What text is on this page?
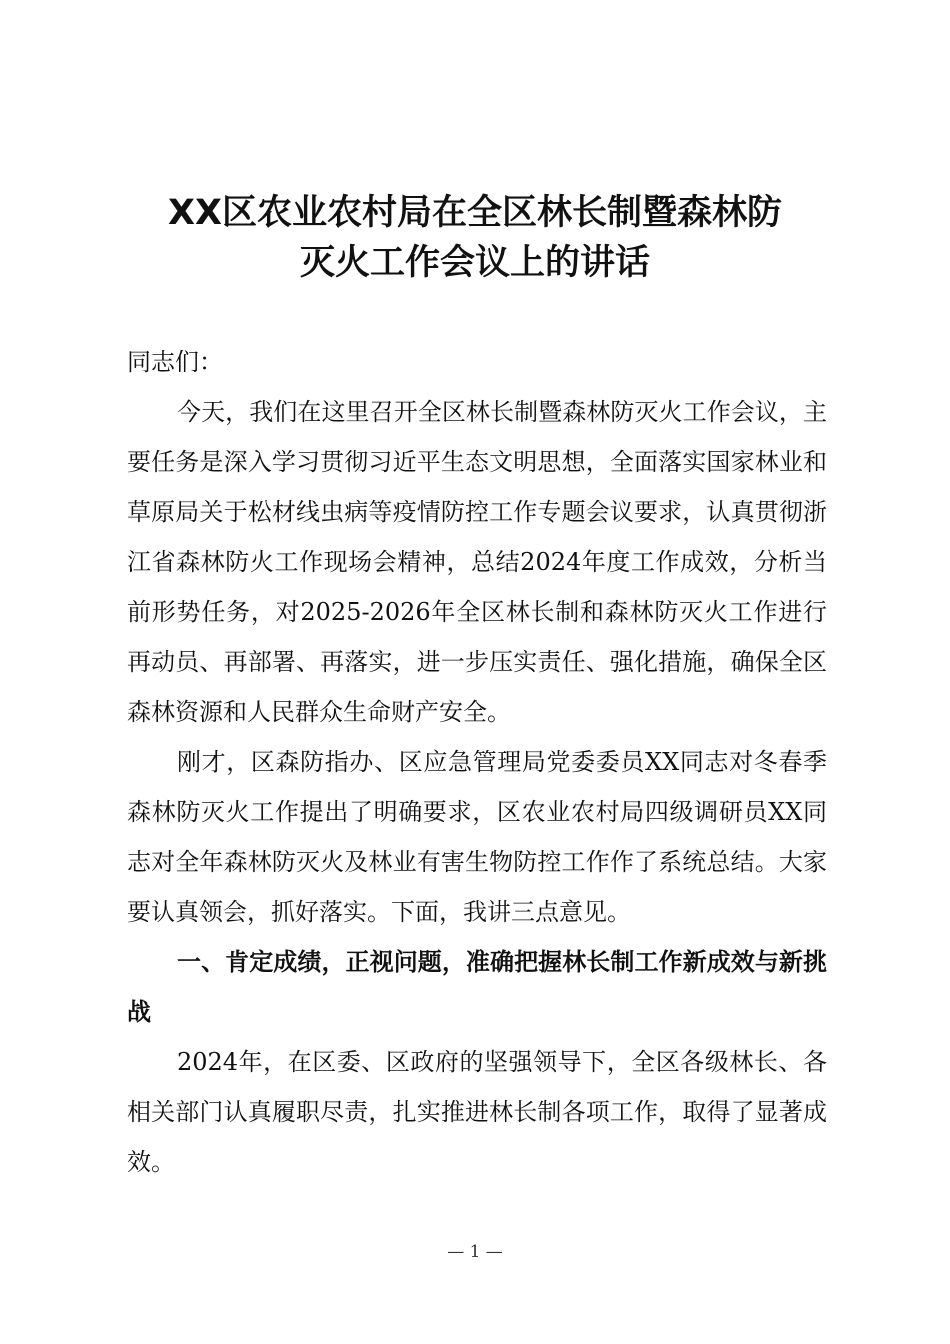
XX区农业农村局在全区林长制暨森林防
灭火工作会议上的讲话

同志们：

今天，我们在这里召开全区林长制暨森林防灭火工作会议，主要任务是深入学习贯彻习近平生态文明思想，全面落实国家林业和草原局关于松材线虫病等疫情防控工作专题会议要求，认真贯彻浙江省森林防火工作现场会精神，总结2024年度工作成效，分析当前形势任务，对2025-2026年全区林长制和森林防灭火工作进行再动员、再部署、再落实，进一步压实责任、强化措施，确保全区森林资源和人民群众生命财产安全。

刚才，区森防指办、区应急管理局党委委员XX同志对冬春季森林防灭火工作提出了明确要求，区农业农村局四级调研员XX同志对全年森林防灭火及林业有害生物防控工作作了系统总结。大家要认真领会，抓好落实。下面，我讲三点意见。

一、肯定成绩，正视问题，准确把握林长制工作新成效与新挑战

2024年，在区委、区政府的坚强领导下，全区各级林长、各相关部门认真履职尽责，扎实推进林长制各项工作，取得了显著成效。

— 1 —
